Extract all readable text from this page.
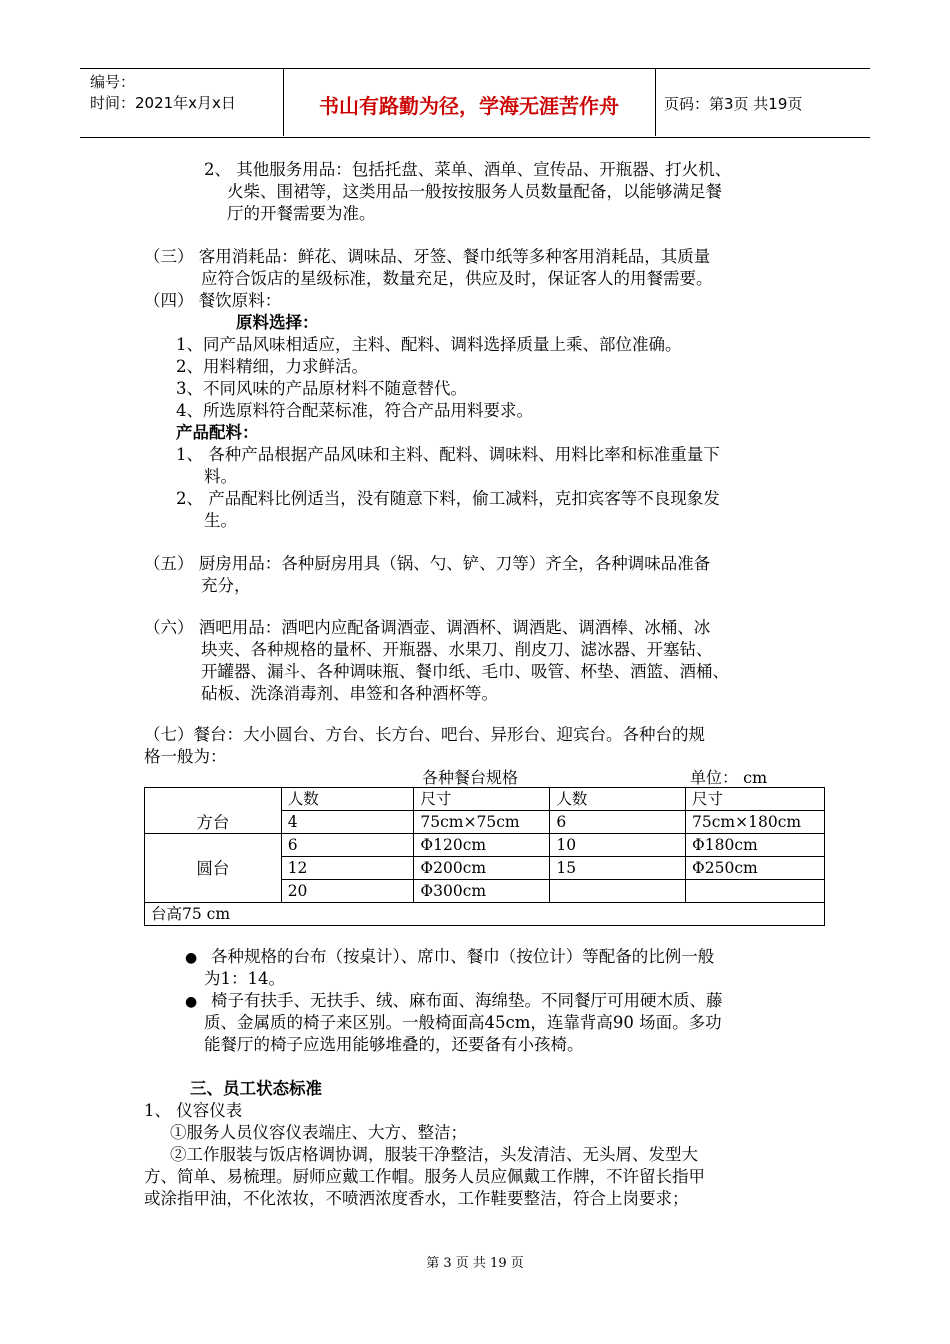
编号：
时间：2021年x月x日	书山有路勤为径，学海无涯苦作舟	页码：第3页 共19页
2、 其他服务用品：包括托盘、菜单、酒单、宣传品、开瓶器、打火机、
火柴、围裙等，这类用品一般按按服务人员数量配备，以能够满足餐
厅的开餐需要为准。
（三） 客用消耗品：鲜花、调味品、牙签、餐巾纸等多种客用消耗品，其质量
应符合饭店的星级标准，数量充足，供应及时，保证客人的用餐需要。
（四） 餐饮原料：
原料选择：
1、同产品风味相适应，主料、配料、调料选择质量上乘、部位准确。
2、用料精细，力求鲜活。
3、不同风味的产品原材料不随意替代。
4、所选原料符合配菜标准，符合产品用料要求。
产品配料：
1、 各种产品根据产品风味和主料、配料、调味料、用料比率和标准重量下
料。
2、 产品配料比例适当，没有随意下料，偷工减料，克扣宾客等不良现象发
生。
（五） 厨房用品：各种厨房用具（锅、勺、铲、刀等）齐全，各种调味品准备
充分，
（六） 酒吧用品：酒吧内应配备调酒壶、调酒杯、调酒匙、调酒棒、冰桶、冰
块夹、各种规格的量杯、开瓶器、水果刀、削皮刀、滤冰器、开塞钻、
开罐器、漏斗、各种调味瓶、餐巾纸、毛巾、吸管、杯垫、酒篮、酒桶、
砧板、洗涤消毒剂、串签和各种酒杯等。
（七）餐台：大小圆台、方台、长方台、吧台、异形台、迎宾台。各种台的规
格一般为：
各种餐台规格	单位： cm
方台	人数	尺寸	人数	尺寸
	4	75cm×75cm	6	75cm×180cm
圆台	6	Φ120cm	10	Φ180cm
	12	Φ200cm	15	Φ250cm
	20	Φ300cm		
台高75 cm				
● 各种规格的台布（按桌计）、席巾、餐巾（按位计）等配备的比例一般
为1：14。
● 椅子有扶手、无扶手、绒、麻布面、海绵垫。不同餐厅可用硬木质、藤
质、金属质的椅子来区别。一般椅面高45cm，连靠背高90 场面。多功
能餐厅的椅子应选用能够堆叠的，还要备有小孩椅。
三、员工状态标准
1、 仪容仪表
①服务人员仪容仪表端庄、大方、整洁；
②工作服装与饭店格调协调，服装干净整洁，头发清洁、无头屑、发型大
方、简单、易梳理。厨师应戴工作帽。服务人员应佩戴工作牌，不许留长指甲
或涂指甲油，不化浓妆，不喷洒浓度香水，工作鞋要整洁，符合上岗要求；
第 3 页 共 19 页
